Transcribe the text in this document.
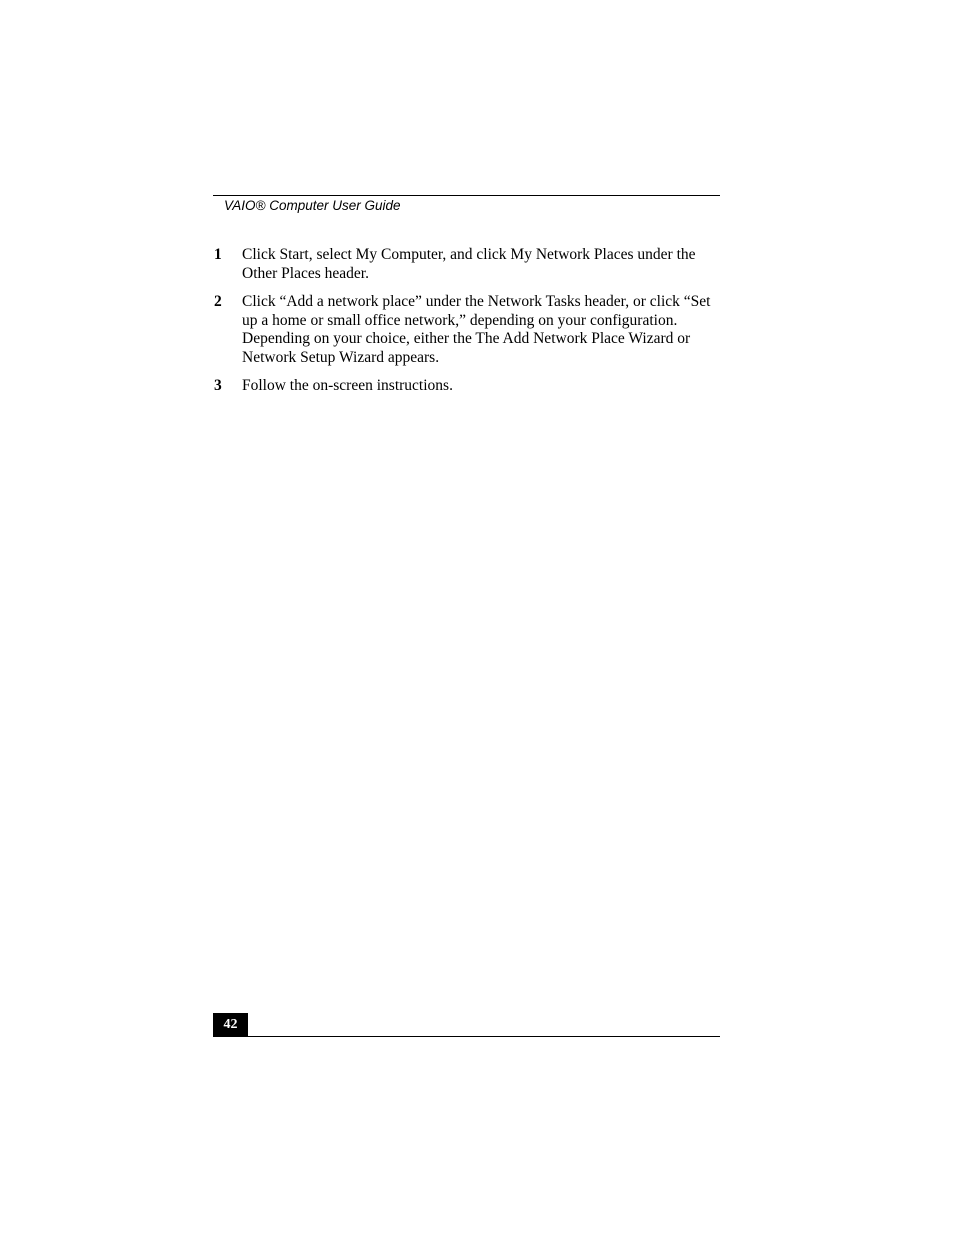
VAIO® Computer User Guide
1 Click Start, select My Computer, and click My Network Places under the Other Places header.
2 Click “Add a network place” under the Network Tasks header, or click “Set up a home or small office network,” depending on your configuration. Depending on your choice, either the The Add Network Place Wizard or Network Setup Wizard appears.
3 Follow the on-screen instructions.
42
